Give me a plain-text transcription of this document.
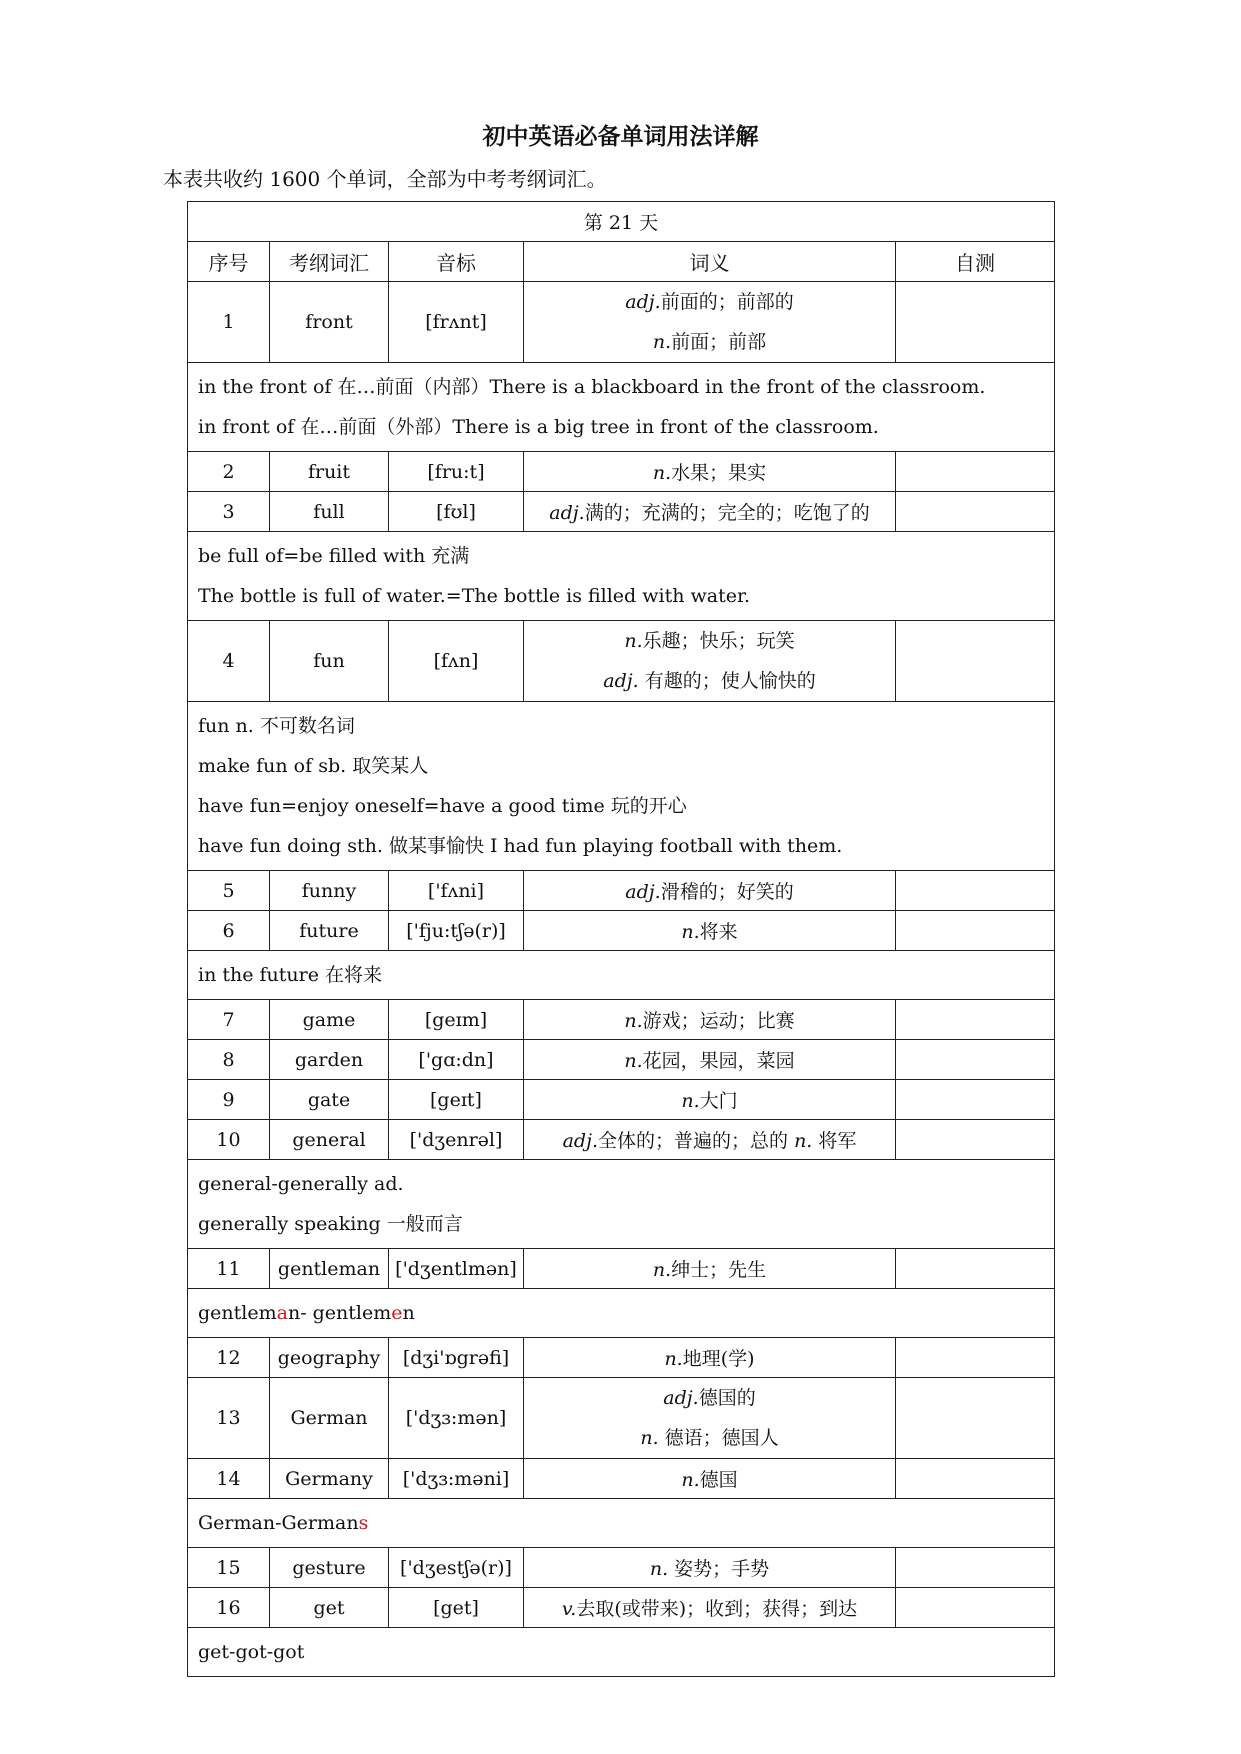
初中英语必备单词用法详解
本表共收约 1600 个单词，全部为中考考纲词汇。
第 21 天				
序号	考纲词汇	音标	词义	自测
1	front	[frʌnt]	adj.前面的；前部的
n.前面；前部	

in the front of 在…前面（内部）There is a blackboard in the front of the classroom.
in front of 在…前面（外部）There is a big tree in front of the classroom.				

2	fruit	[fru:t]	n.水果；果实	
3	full	[fʊl]	adj.满的；充满的；完全的；吃饱了的	

be full of=be filled with 充满
The bottle is full of water.=The bottle is filled with water.				

4	fun	[fʌn]	n.乐趣；快乐；玩笑
adj. 有趣的；使人愉快的	

fun n. 不可数名词
make fun of sb. 取笑某人
have fun=enjoy oneself=have a good time 玩的开心
have fun doing sth. 做某事愉快 I had fun playing football with them.				

5	funny	['fʌni]	adj.滑稽的；好笑的	
6	future	['fju:tʃə(r)]	n.将来	

in the future 在将来				

7	game	[geɪm]	n.游戏；运动；比赛	
8	garden	['gɑ:dn]	n.花园，果园，菜园	
9	gate	[geɪt]	n.大门	
10	general	['dʒenrəl]	adj.全体的；普遍的；总的 n. 将军	

general-generally ad.
generally speaking 一般而言				

11	gentleman	['dʒentlmən]	n.绅士；先生	

gentleman- gentlemen				

12	geography	[dʒi'ɒgrəfi]	n.地理(学)	
13	German	['dʒɜ:mən]	adj.德国的
n. 德语；德国人	

14	Germany	['dʒɜ:məni]	n.德国	

German-Germans				

15	gesture	['dʒestʃə(r)]	n. 姿势；手势	
16	get	[get]	v.去取(或带来)；收到；获得；到达	

get-got-got				
